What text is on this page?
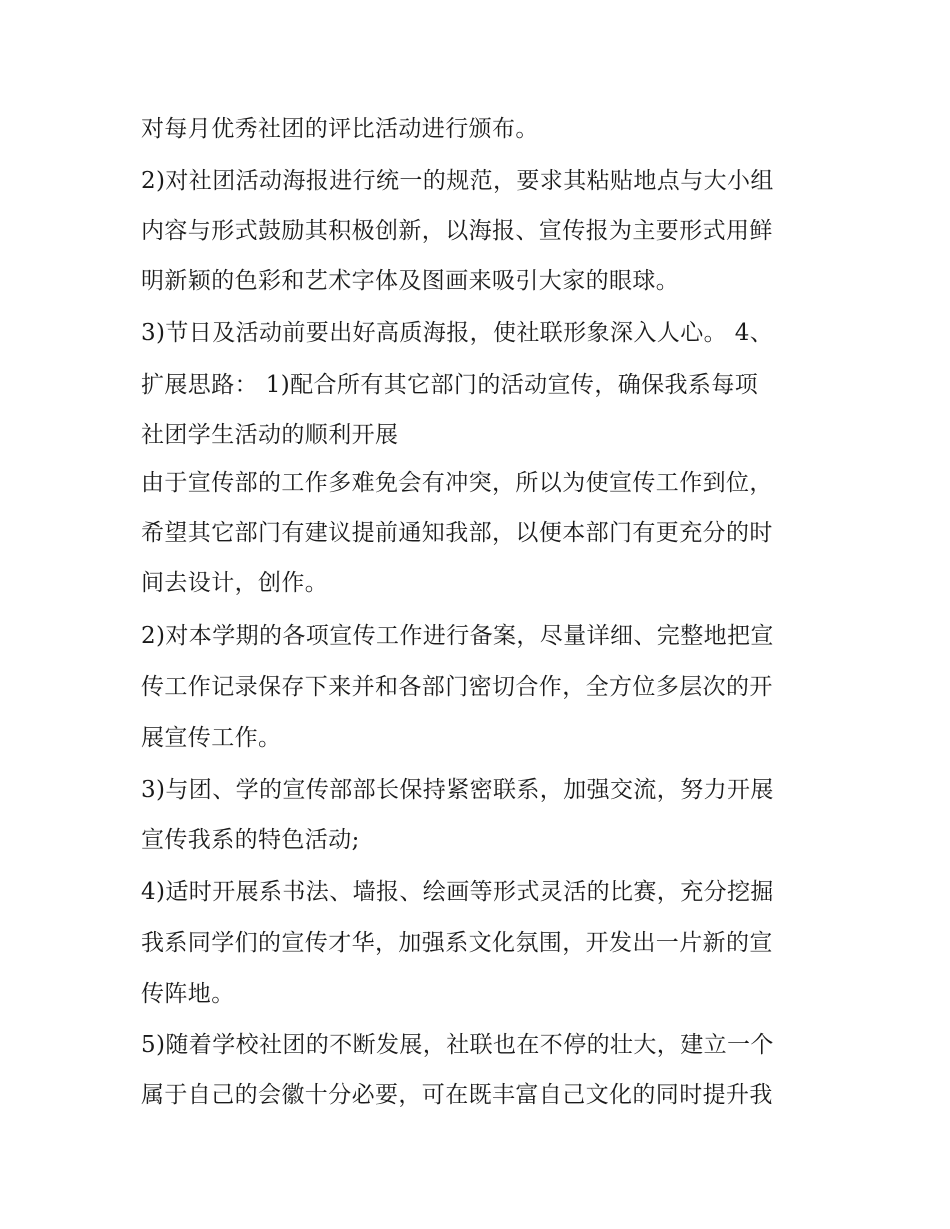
对每月优秀社团的评比活动进行颁布。
2)对社团活动海报进行统一的规范，要求其粘贴地点与大小组
内容与形式鼓励其积极创新，以海报、宣传报为主要形式用鲜
明新颖的色彩和艺术字体及图画来吸引大家的眼球。
3)节日及活动前要出好高质海报，使社联形象深入人心。 4、
扩展思路： 1)配合所有其它部门的活动宣传，确保我系每项
社团学生活动的顺利开展
由于宣传部的工作多难免会有冲突，所以为使宣传工作到位，
希望其它部门有建议提前通知我部，以便本部门有更充分的时
间去设计，创作。
2)对本学期的各项宣传工作进行备案，尽量详细、完整地把宣
传工作记录保存下来并和各部门密切合作，全方位多层次的开
展宣传工作。
3)与团、学的宣传部部长保持紧密联系，加强交流，努力开展
宣传我系的特色活动;
4)适时开展系书法、墙报、绘画等形式灵活的比赛，充分挖掘
我系同学们的宣传才华，加强系文化氛围，开发出一片新的宣
传阵地。
5)随着学校社团的不断发展，社联也在不停的壮大，建立一个
属于自己的会徽十分必要，可在既丰富自己文化的同时提升我
